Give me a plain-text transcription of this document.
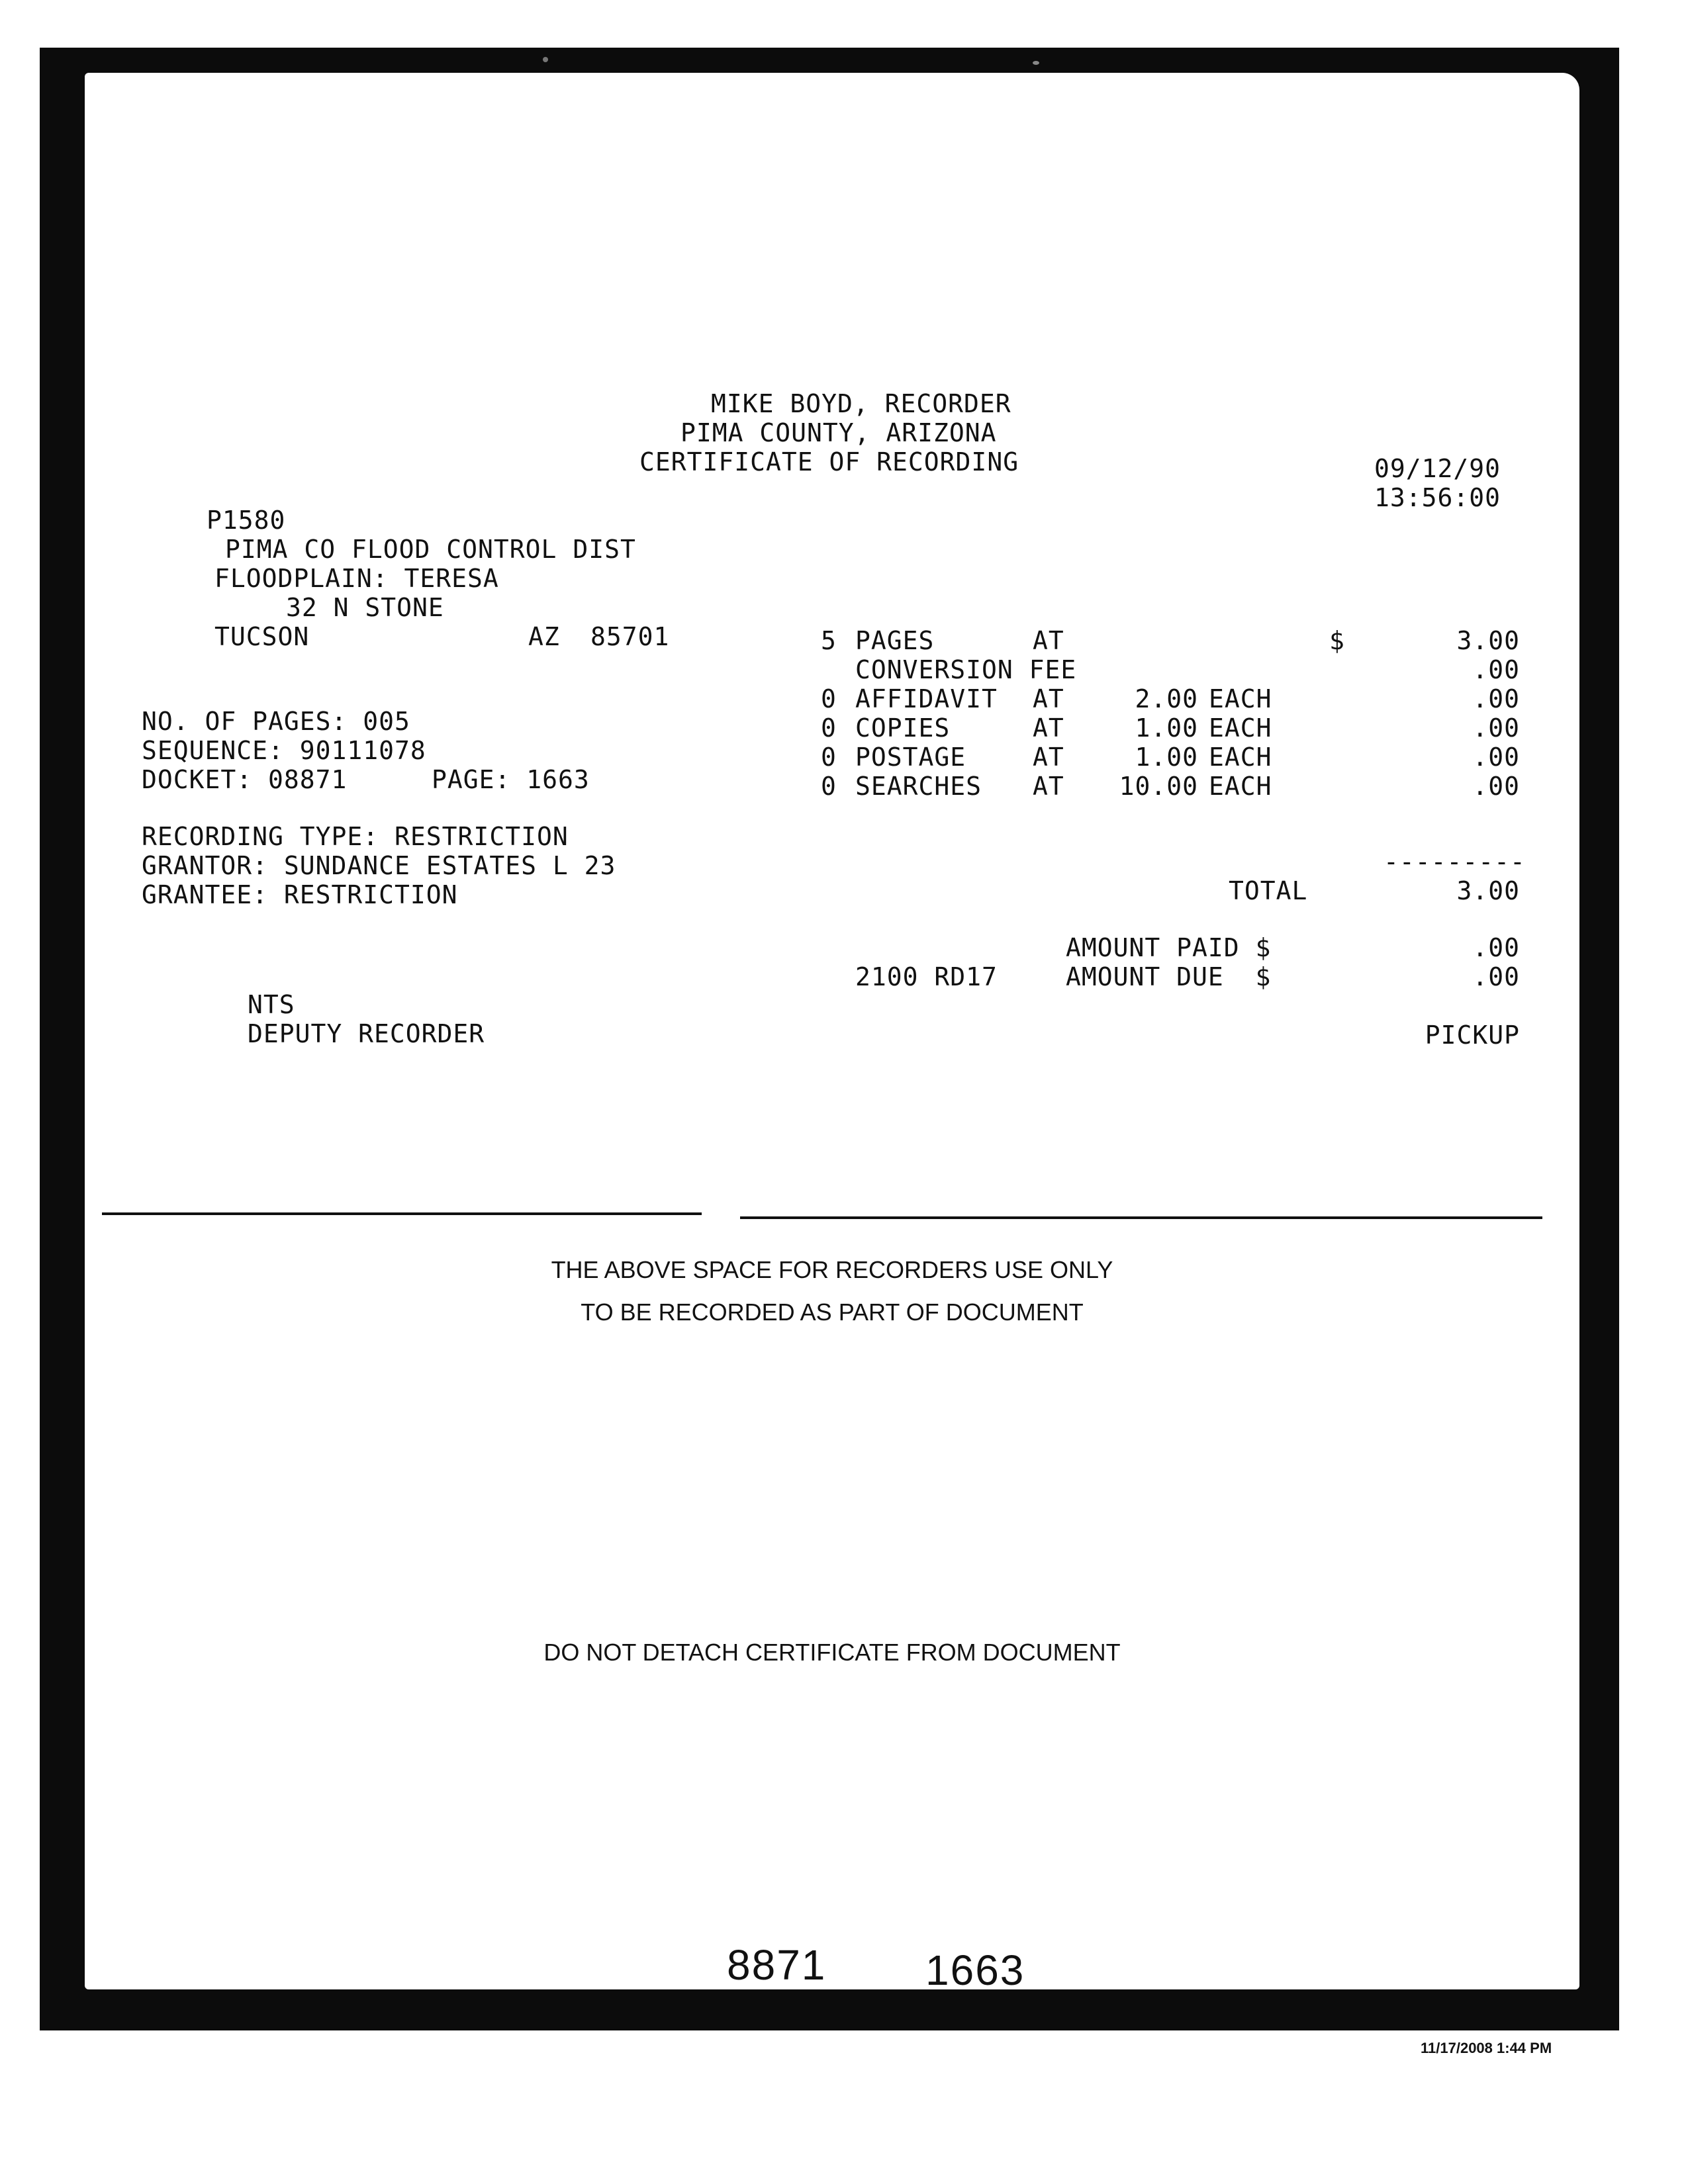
MIKE BOYD, RECORDER
PIMA COUNTY, ARIZONA
CERTIFICATE OF RECORDING	09/12/90
13:56:00
P1580
PIMA CO FLOOD CONTROL DIST
FLOODPLAIN: TERESA
32 N STONE
TUCSON	AZ 85701
NO. OF PAGES: 005
SEQUENCE: 90111078
DOCKET: 08871	PAGE: 1663
RECORDING TYPE: RESTRICTION
GRANTOR: SUNDANCE ESTATES L 23
GRANTEE: RESTRICTION
5 PAGES	AT	$	3.00
CONVERSION FEE	.00
0 AFFIDAVIT AT	2.00 EACH	.00
0 COPIES	AT	1.00 EACH	.00
0 POSTAGE	AT	1.00 EACH	.00
0 SEARCHES AT	10.00 EACH	.00
---------
TOTAL	3.00
AMOUNT PAID $	.00
2100 RD17	AMOUNT DUE  $	.00
PICKUP
NTS
DEPUTY RECORDER
THE ABOVE SPACE FOR RECORDERS USE ONLY
TO BE RECORDED AS PART OF DOCUMENT
DO NOT DETACH CERTIFICATE FROM DOCUMENT
8871 1663
11/17/2008 1:44 PM
